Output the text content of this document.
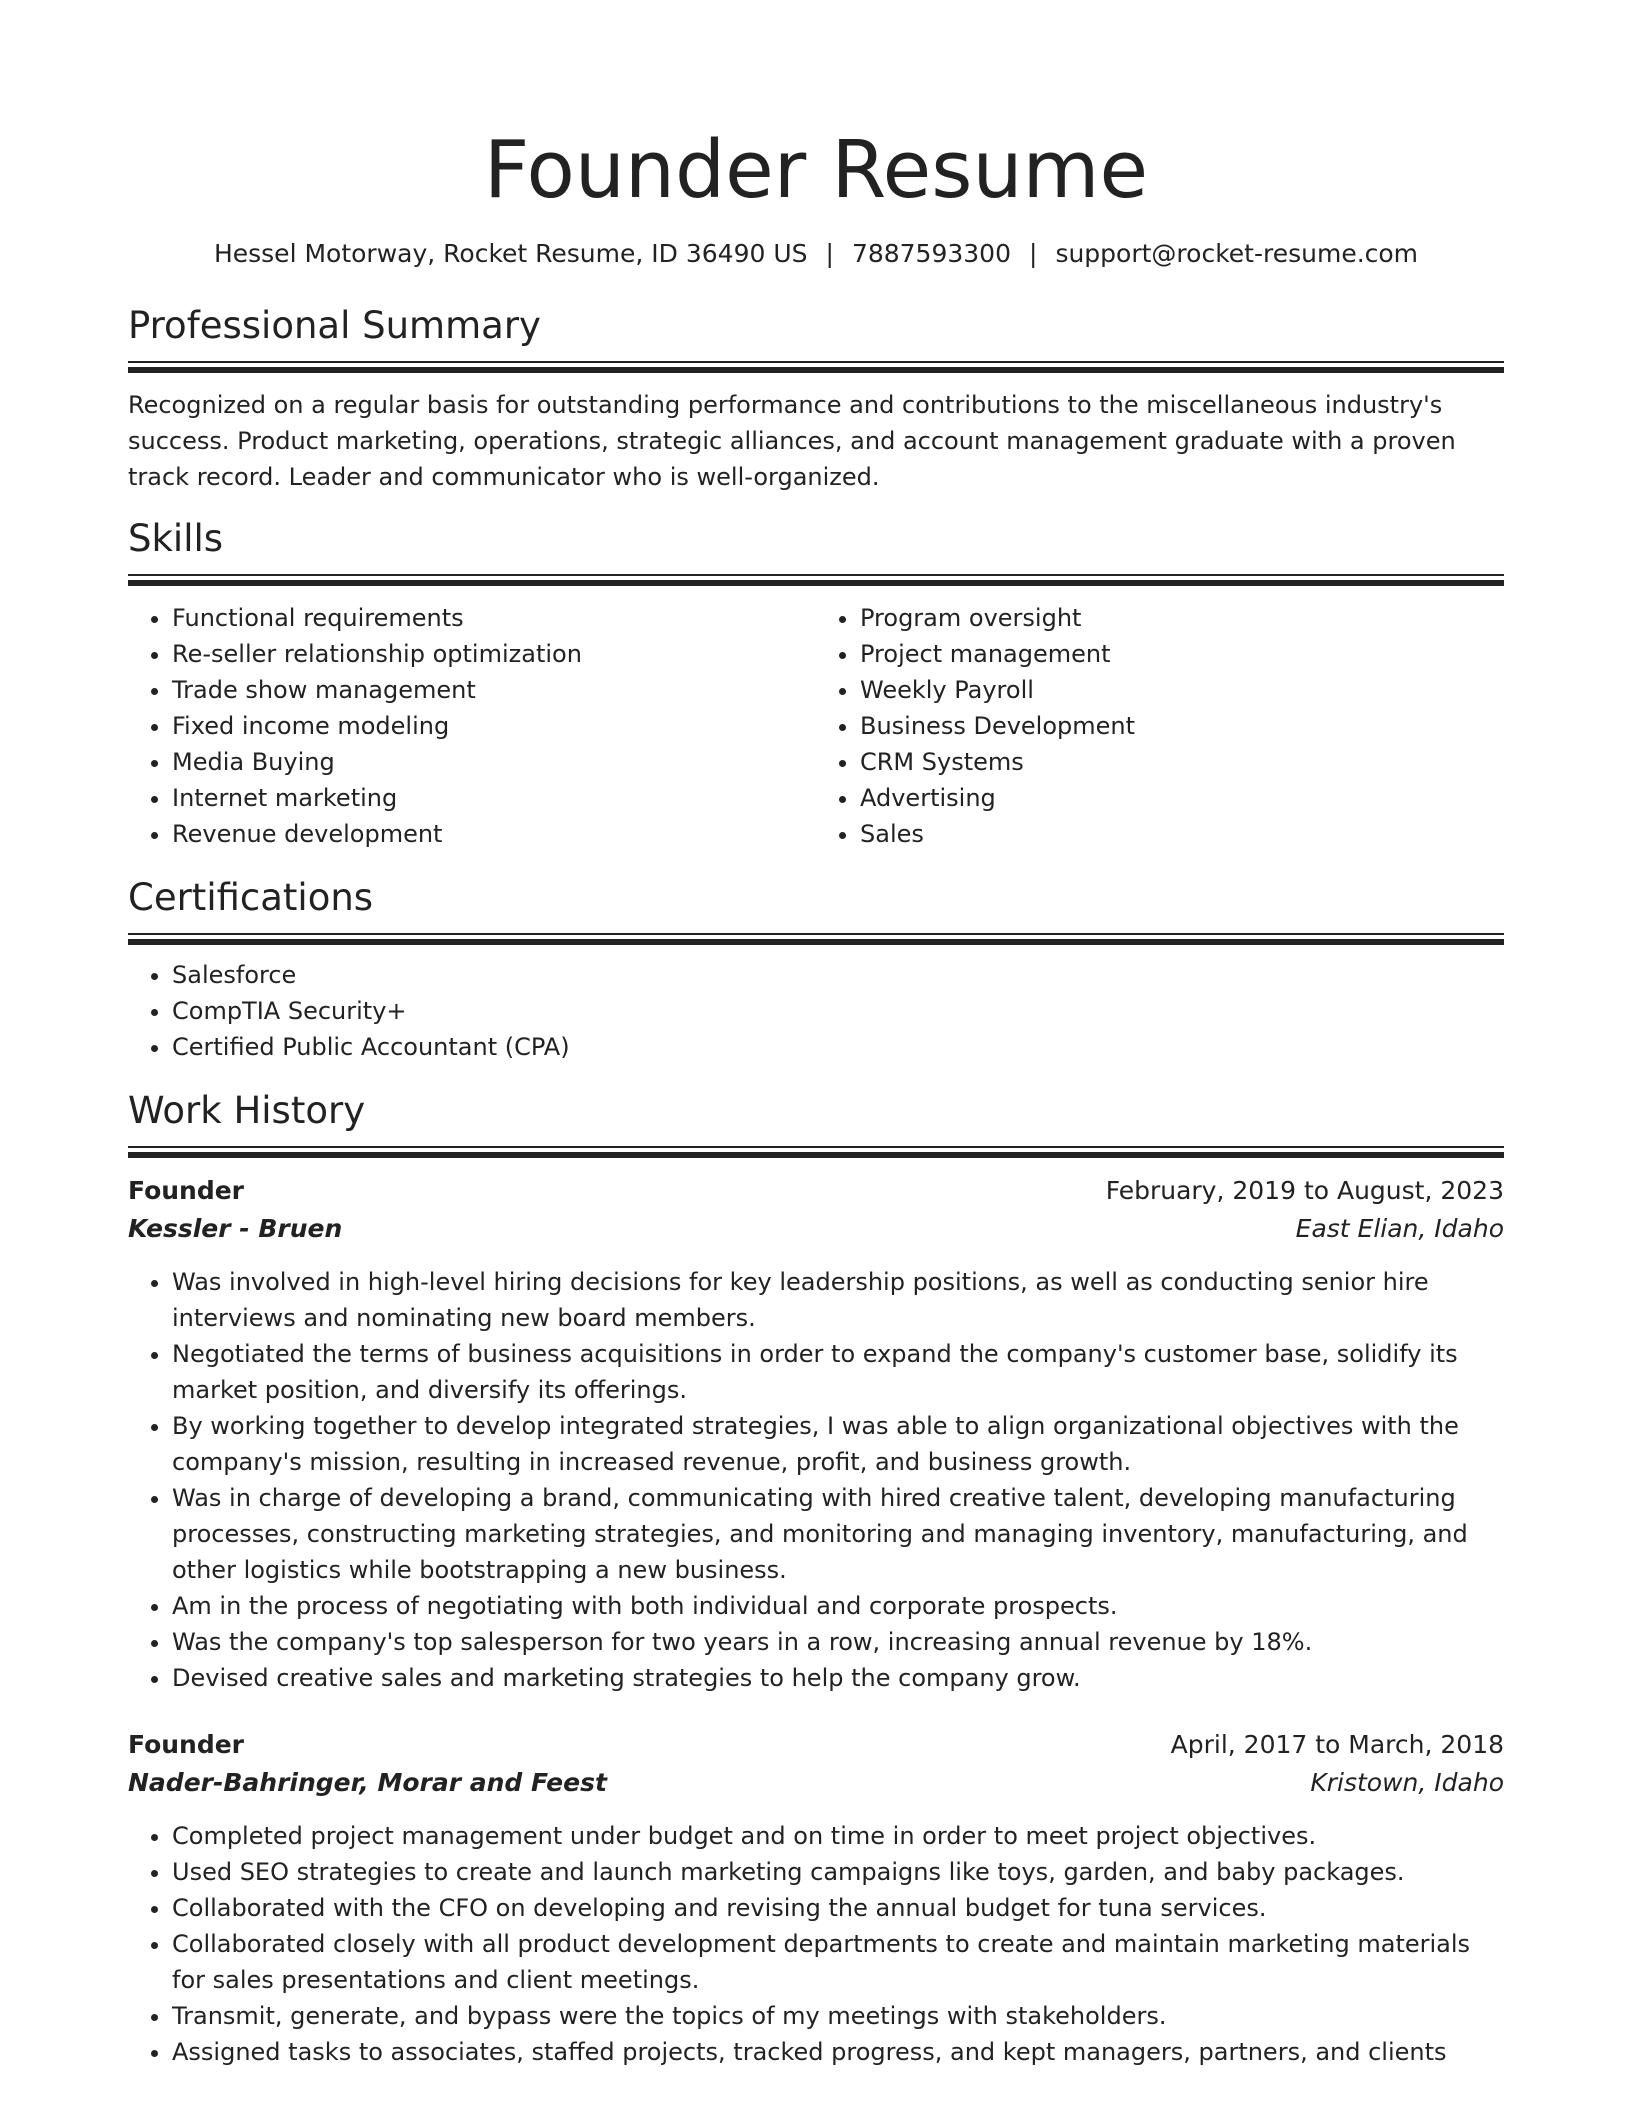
Founder Resume
Hessel Motorway, Rocket Resume, ID 36490 US | 7887593300 | support@rocket-resume.com
Professional Summary

Recognized on a regular basis for outstanding performance and contributions to the miscellaneous industry's success. Product marketing, operations, strategic alliances, and account management graduate with a proven track record. Leader and communicator who is well-organized.

Skills
• Functional requirements
• Re-seller relationship optimization
• Trade show management
• Fixed income modeling
• Media Buying
• Internet marketing
• Revenue development
• Program oversight
• Project management
• Weekly Payroll
• Business Development
• CRM Systems
• Advertising
• Sales
Certifications
• Salesforce
• CompTIA Security+
• Certified Public Accountant (CPA)
Work History
Founder	February, 2019 to August, 2023
Kessler - Bruen	East Elian, Idaho
• Was involved in high-level hiring decisions for key leadership positions, as well as conducting senior hire interviews and nominating new board members.
• Negotiated the terms of business acquisitions in order to expand the company's customer base, solidify its market position, and diversify its offerings.
• By working together to develop integrated strategies, I was able to align organizational objectives with the company's mission, resulting in increased revenue, profit, and business growth.
• Was in charge of developing a brand, communicating with hired creative talent, developing manufacturing processes, constructing marketing strategies, and monitoring and managing inventory, manufacturing, and other logistics while bootstrapping a new business.
• Am in the process of negotiating with both individual and corporate prospects.
• Was the company's top salesperson for two years in a row, increasing annual revenue by 18%.
• Devised creative sales and marketing strategies to help the company grow.
Founder	April, 2017 to March, 2018
Nader-Bahringer, Morar and Feest	Kristown, Idaho
• Completed project management under budget and on time in order to meet project objectives.
• Used SEO strategies to create and launch marketing campaigns like toys, garden, and baby packages.
• Collaborated with the CFO on developing and revising the annual budget for tuna services.
• Collaborated closely with all product development departments to create and maintain marketing materials for sales presentations and client meetings.
• Transmit, generate, and bypass were the topics of my meetings with stakeholders.
• Assigned tasks to associates, staffed projects, tracked progress, and kept managers, partners, and clients
